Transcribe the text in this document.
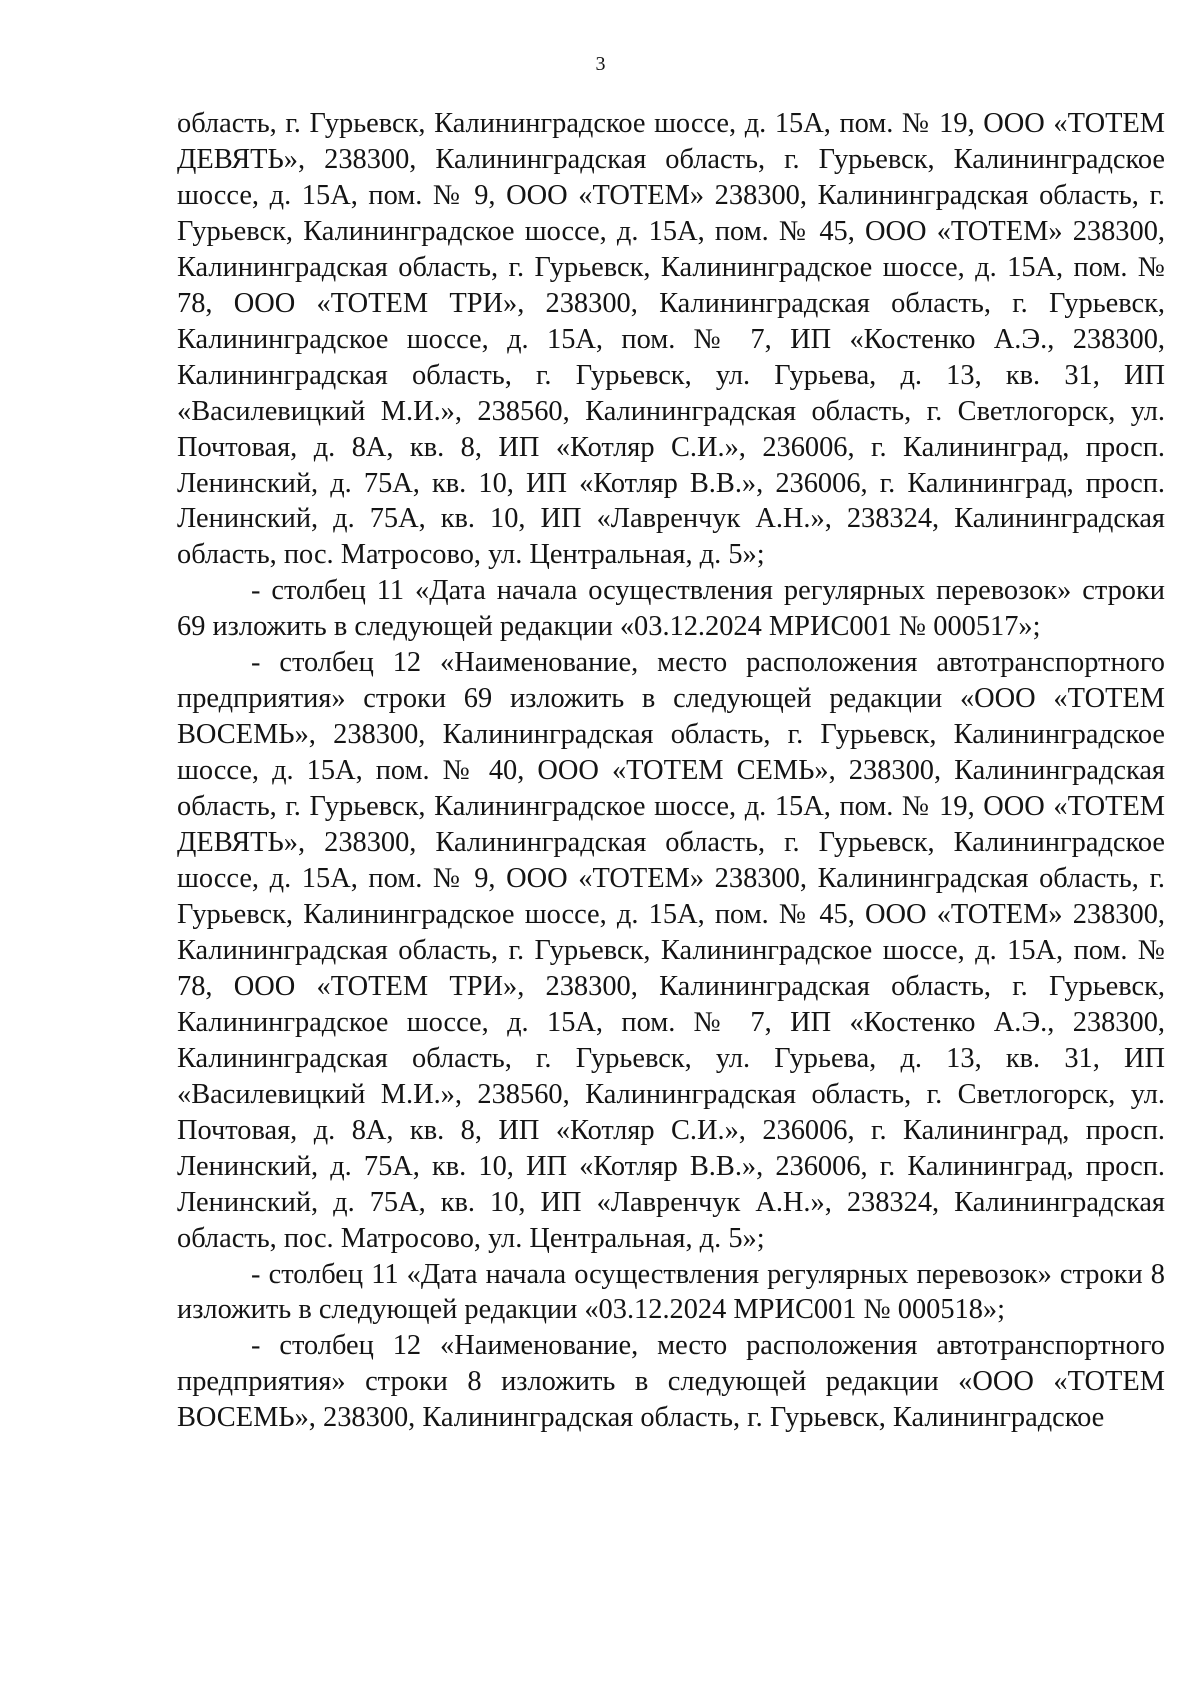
3

область, г. Гурьевск, Калининградское шоссе, д. 15А, пом. № 19, ООО «ТОТЕМ ДЕВЯТЬ», 238300, Калининградская область, г. Гурьевск, Калининградское шоссе, д. 15А, пом. № 9, ООО «ТОТЕМ» 238300, Калининградская область, г. Гурьевск, Калининградское шоссе, д. 15А, пом. № 45, ООО «ТОТЕМ» 238300, Калининградская область, г. Гурьевск, Калининградское шоссе, д. 15А, пом. № 78, ООО «ТОТЕМ ТРИ», 238300, Калининградская область, г. Гурьевск, Калининградское шоссе, д. 15А, пом. № 7, ИП «Костенко А.Э., 238300, Калининградская область, г. Гурьевск, ул. Гурьева, д. 13, кв. 31, ИП «Василевицкий М.И.», 238560, Калининградская область, г. Светлогорск, ул. Почтовая, д. 8А, кв. 8, ИП «Котляр С.И.», 236006, г. Калининград, просп. Ленинский, д. 75А, кв. 10, ИП «Котляр В.В.», 236006, г. Калининград, просп. Ленинский, д. 75А, кв. 10, ИП «Лавренчук А.Н.», 238324, Калининградская область, пос. Матросово, ул. Центральная, д. 5»;

- столбец 11 «Дата начала осуществления регулярных перевозок» строки 69 изложить в следующей редакции «03.12.2024 МРИС001 № 000517»;

- столбец 12 «Наименование, место расположения автотранспортного предприятия» строки 69 изложить в следующей редакции «ООО «ТОТЕМ ВОСЕМЬ», 238300, Калининградская область, г. Гурьевск, Калининградское шоссе, д. 15А, пом. № 40, ООО «ТОТЕМ СЕМЬ», 238300, Калининградская область, г. Гурьевск, Калининградское шоссе, д. 15А, пом. № 19, ООО «ТОТЕМ ДЕВЯТЬ», 238300, Калининградская область, г. Гурьевск, Калининградское шоссе, д. 15А, пом. № 9, ООО «ТОТЕМ» 238300, Калининградская область, г. Гурьевск, Калининградское шоссе, д. 15А, пом. № 45, ООО «ТОТЕМ» 238300, Калининградская область, г. Гурьевск, Калининградское шоссе, д. 15А, пом. № 78, ООО «ТОТЕМ ТРИ», 238300, Калининградская область, г. Гурьевск, Калининградское шоссе, д. 15А, пом. № 7, ИП «Костенко А.Э., 238300, Калининградская область, г. Гурьевск, ул. Гурьева, д. 13, кв. 31, ИП «Василевицкий М.И.», 238560, Калининградская область, г. Светлогорск, ул. Почтовая, д. 8А, кв. 8, ИП «Котляр С.И.», 236006, г. Калининград, просп. Ленинский, д. 75А, кв. 10, ИП «Котляр В.В.», 236006, г. Калининград, просп. Ленинский, д. 75А, кв. 10, ИП «Лавренчук А.Н.», 238324, Калининградская область, пос. Матросово, ул. Центральная, д. 5»;

- столбец 11 «Дата начала осуществления регулярных перевозок» строки 8 изложить в следующей редакции «03.12.2024 МРИС001 № 000518»;

- столбец 12 «Наименование, место расположения автотранспортного предприятия» строки 8 изложить в следующей редакции «ООО «ТОТЕМ ВОСЕМЬ», 238300, Калининградская область, г. Гурьевск, Калининградское
